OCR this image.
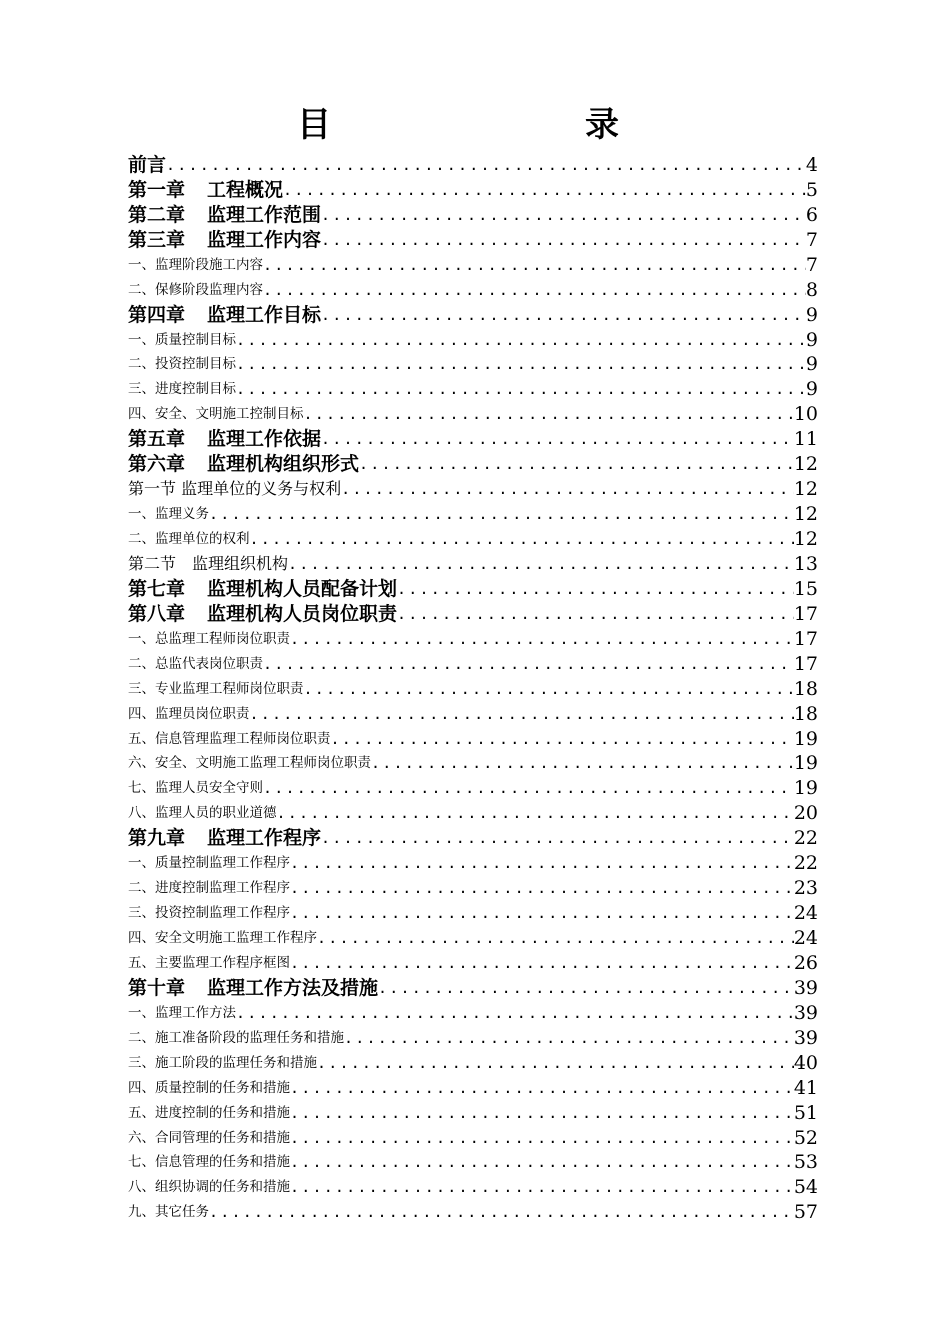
目　　录
前言 .....	4
第一章 工程概况 .....	5
第二章 监理工作范围 .....	6
第三章 监理工作内容 .....	7
一、监理阶段施工内容 .....	7
二、保修阶段监理内容 .....	8
第四章 监理工作目标 .....	9
一、质量控制目标 .....	9
二、投资控制目标 .....	9
三、进度控制目标 .....	9
四、安全、文明施工控制目标 .....	10
第五章 监理工作依据 .....	11
第六章 监理机构组织形式 .....	12
第一节 监理单位的义务与权利 .....	12
一、监理义务 .....	12
二、监理单位的权利 .....	12
第二节　监理组织机构 .....	13
第七章 监理机构人员配备计划 .....	15
第八章 监理机构人员岗位职责 .....	17
一、总监理工程师岗位职责 .....	17
二、总监代表岗位职责 .....	17
三、专业监理工程师岗位职责 .....	18
四、监理员岗位职责 .....	18
五、信息管理监理工程师岗位职责 .....	19
六、安全、文明施工监理工程师岗位职责 .....	19
七、监理人员安全守则 .....	19
八、监理人员的职业道德 .....	20
第九章 监理工作程序 .....	22
一、质量控制监理工作程序 .....	22
二、进度控制监理工作程序 .....	23
三、投资控制监理工作程序 .....	24
四、安全文明施工监理工作程序 .....	24
五、主要监理工作程序框图 .....	26
第十章 监理工作方法及措施 .....	39
一、监理工作方法 .....	39
二、施工准备阶段的监理任务和措施 .....	39
三、施工阶段的监理任务和措施 .....	40
四、质量控制的任务和措施 .....	41
五、进度控制的任务和措施 .....	51
六、合同管理的任务和措施 .....	52
七、信息管理的任务和措施 .....	53
八、组织协调的任务和措施 .....	54
九、其它任务 .....	57
